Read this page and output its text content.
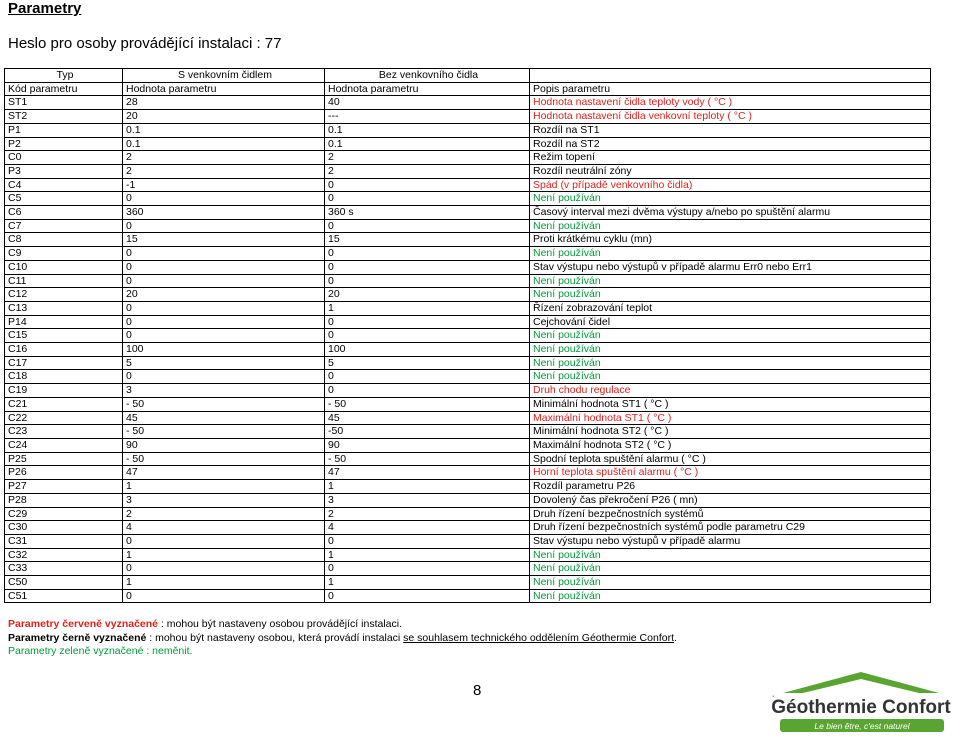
Parametry
Heslo pro osoby provádějící instalaci : 77
Typ	S venkovním čidlem	Bez venkovního čidla	
Kód parametru	Hodnota parametru	Hodnota parametru	Popis parametru
ST1	28	40	Hodnota nastavení čidla teploty vody ( °C )
ST2	20	---	Hodnota nastavení čidla venkovní teploty ( °C )
P1	0.1	0.1	Rozdíl na ST1
P2	0.1	0.1	Rozdíl na ST2
C0	2	2	Režim topení
P3	2	2	Rozdíl neutrální zóny
C4	-1	0	Spád (v případě venkovního čidla)
C5	0	0	Není používán
C6	360	360 s	Časový interval mezi dvěma výstupy a/nebo po spuštění alarmu
C7	0	0	Není používán
C8	15	15	Proti krátkému cyklu (mn)
C9	0	0	Není používán
C10	0	0	Stav výstupu nebo výstupů v případě alarmu Err0 nebo Err1
C11	0	0	Není používán
C12	20	20	Není používán
C13	0	1	Řízení zobrazování teplot
P14	0	0	Cejchování čidel
C15	0	0	Není používán
C16	100	100	Není používán
C17	5	5	Není používán
C18	0	0	Není používán
C19	3	0	Druh chodu regulace
C21	- 50	- 50	Minimální hodnota ST1 ( °C )
C22	45	45	Maximální hodnota ST1 ( °C )
C23	- 50	-50	Minimální hodnota ST2 ( °C )
C24	90	90	Maximální hodnota ST2 ( °C )
P25	- 50	- 50	Spodní teplota spuštění alarmu ( °C )
P26	47	47	Horní teplota spuštění alarmu ( °C )
P27	1	1	Rozdíl parametru P26
P28	3	3	Dovolený čas překročení P26 ( mn)
C29	2	2	Druh řízení bezpečnostních systémů
C30	4	4	Druh řízení bezpečnostních systémů podle parametru C29
C31	0	0	Stav výstupu nebo výstupů v případě alarmu
C32	1	1	Není používán
C33	0	0	Není používán
C50	1	1	Není používán
C51	0	0	Není používán
Parametry červeně vyznačené : mohou být nastaveny osobou provádějící instalaci.
Parametry černě vyznačené : mohou být nastaveny osobou, která provádí instalaci se souhlasem technického oddělením Géothermie Confort.
Parametry zeleně vyznačené : neměnit.
8
Géothermie Confort
Le bien être, c'est naturel
